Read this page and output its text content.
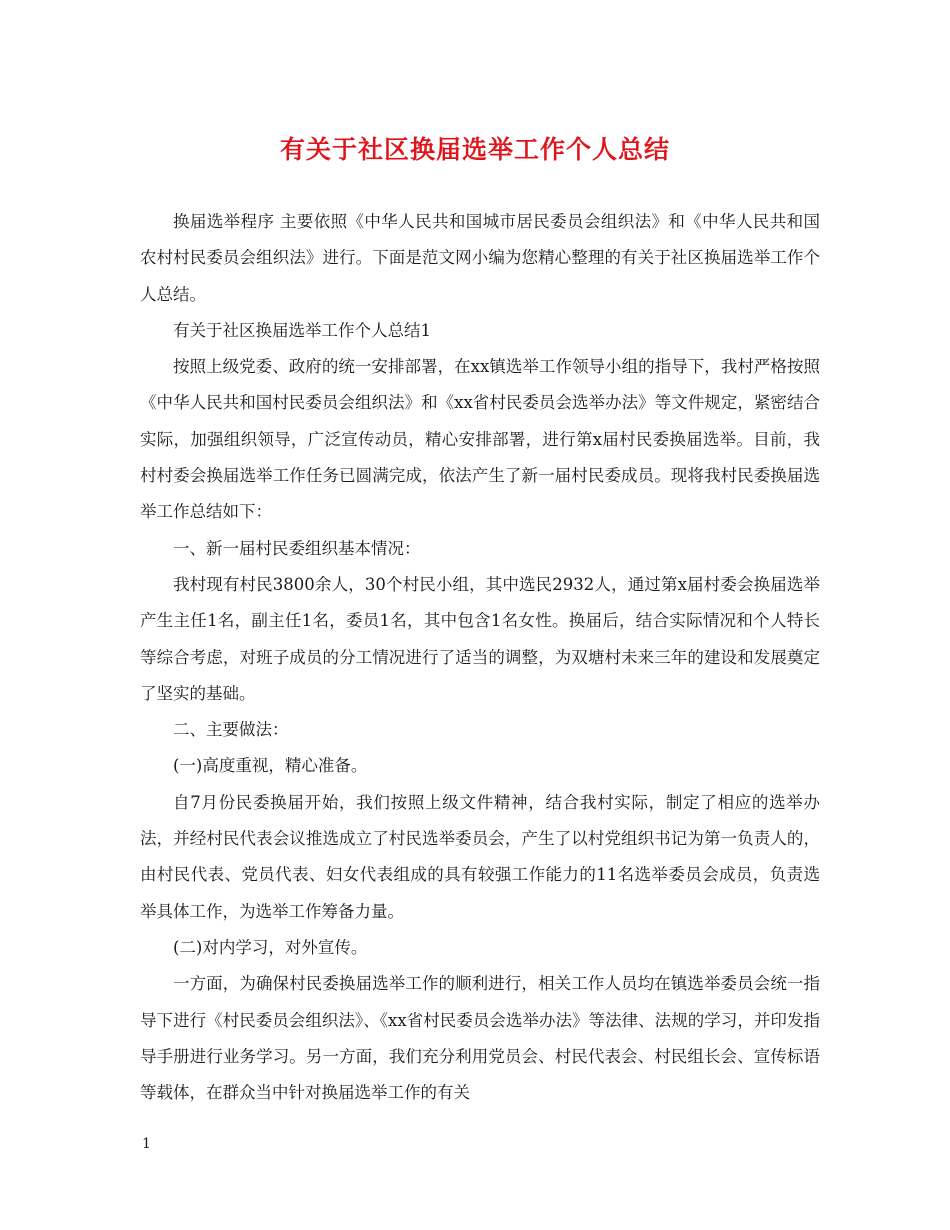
有关于社区换届选举工作个人总结

换届选举程序 主要依照《中华人民共和国城市居民委员会组织法》和《中华人民共和国农村村民委员会组织法》进行。下面是范文网小编为您精心整理的有关于社区换届选举工作个人总结。

有关于社区换届选举工作个人总结1

按照上级党委、政府的统一安排部署，在xx镇选举工作领导小组的指导下，我村严格按照《中华人民共和国村民委员会组织法》和《xx省村民委员会选举办法》等文件规定，紧密结合实际，加强组织领导，广泛宣传动员，精心安排部署，进行第x届村民委换届选举。目前，我村村委会换届选举工作任务已圆满完成，依法产生了新一届村民委成员。现将我村民委换届选举工作总结如下：

一、新一届村民委组织基本情况：

我村现有村民3800余人，30个村民小组，其中选民2932人，通过第x届村委会换届选举产生主任1名，副主任1名，委员1名，其中包含1名女性。换届后，结合实际情况和个人特长等综合考虑，对班子成员的分工情况进行了适当的调整，为双塘村未来三年的建设和发展奠定了坚实的基础。

二、主要做法：

(一)高度重视，精心准备。

自7月份民委换届开始，我们按照上级文件精神，结合我村实际，制定了相应的选举办法，并经村民代表会议推选成立了村民选举委员会，产生了以村党组织书记为第一负责人的，由村民代表、党员代表、妇女代表组成的具有较强工作能力的11名选举委员会成员，负责选举具体工作，为选举工作筹备力量。

(二)对内学习，对外宣传。

一方面，为确保村民委换届选举工作的顺利进行，相关工作人员均在镇选举委员会统一指导下进行《村民委员会组织法》、《xx省村民委员会选举办法》等法律、法规的学习，并印发指导手册进行业务学习。另一方面，我们充分利用党员会、村民代表会、村民组长会、宣传标语等载体，在群众当中针对换届选举工作的有关

1
